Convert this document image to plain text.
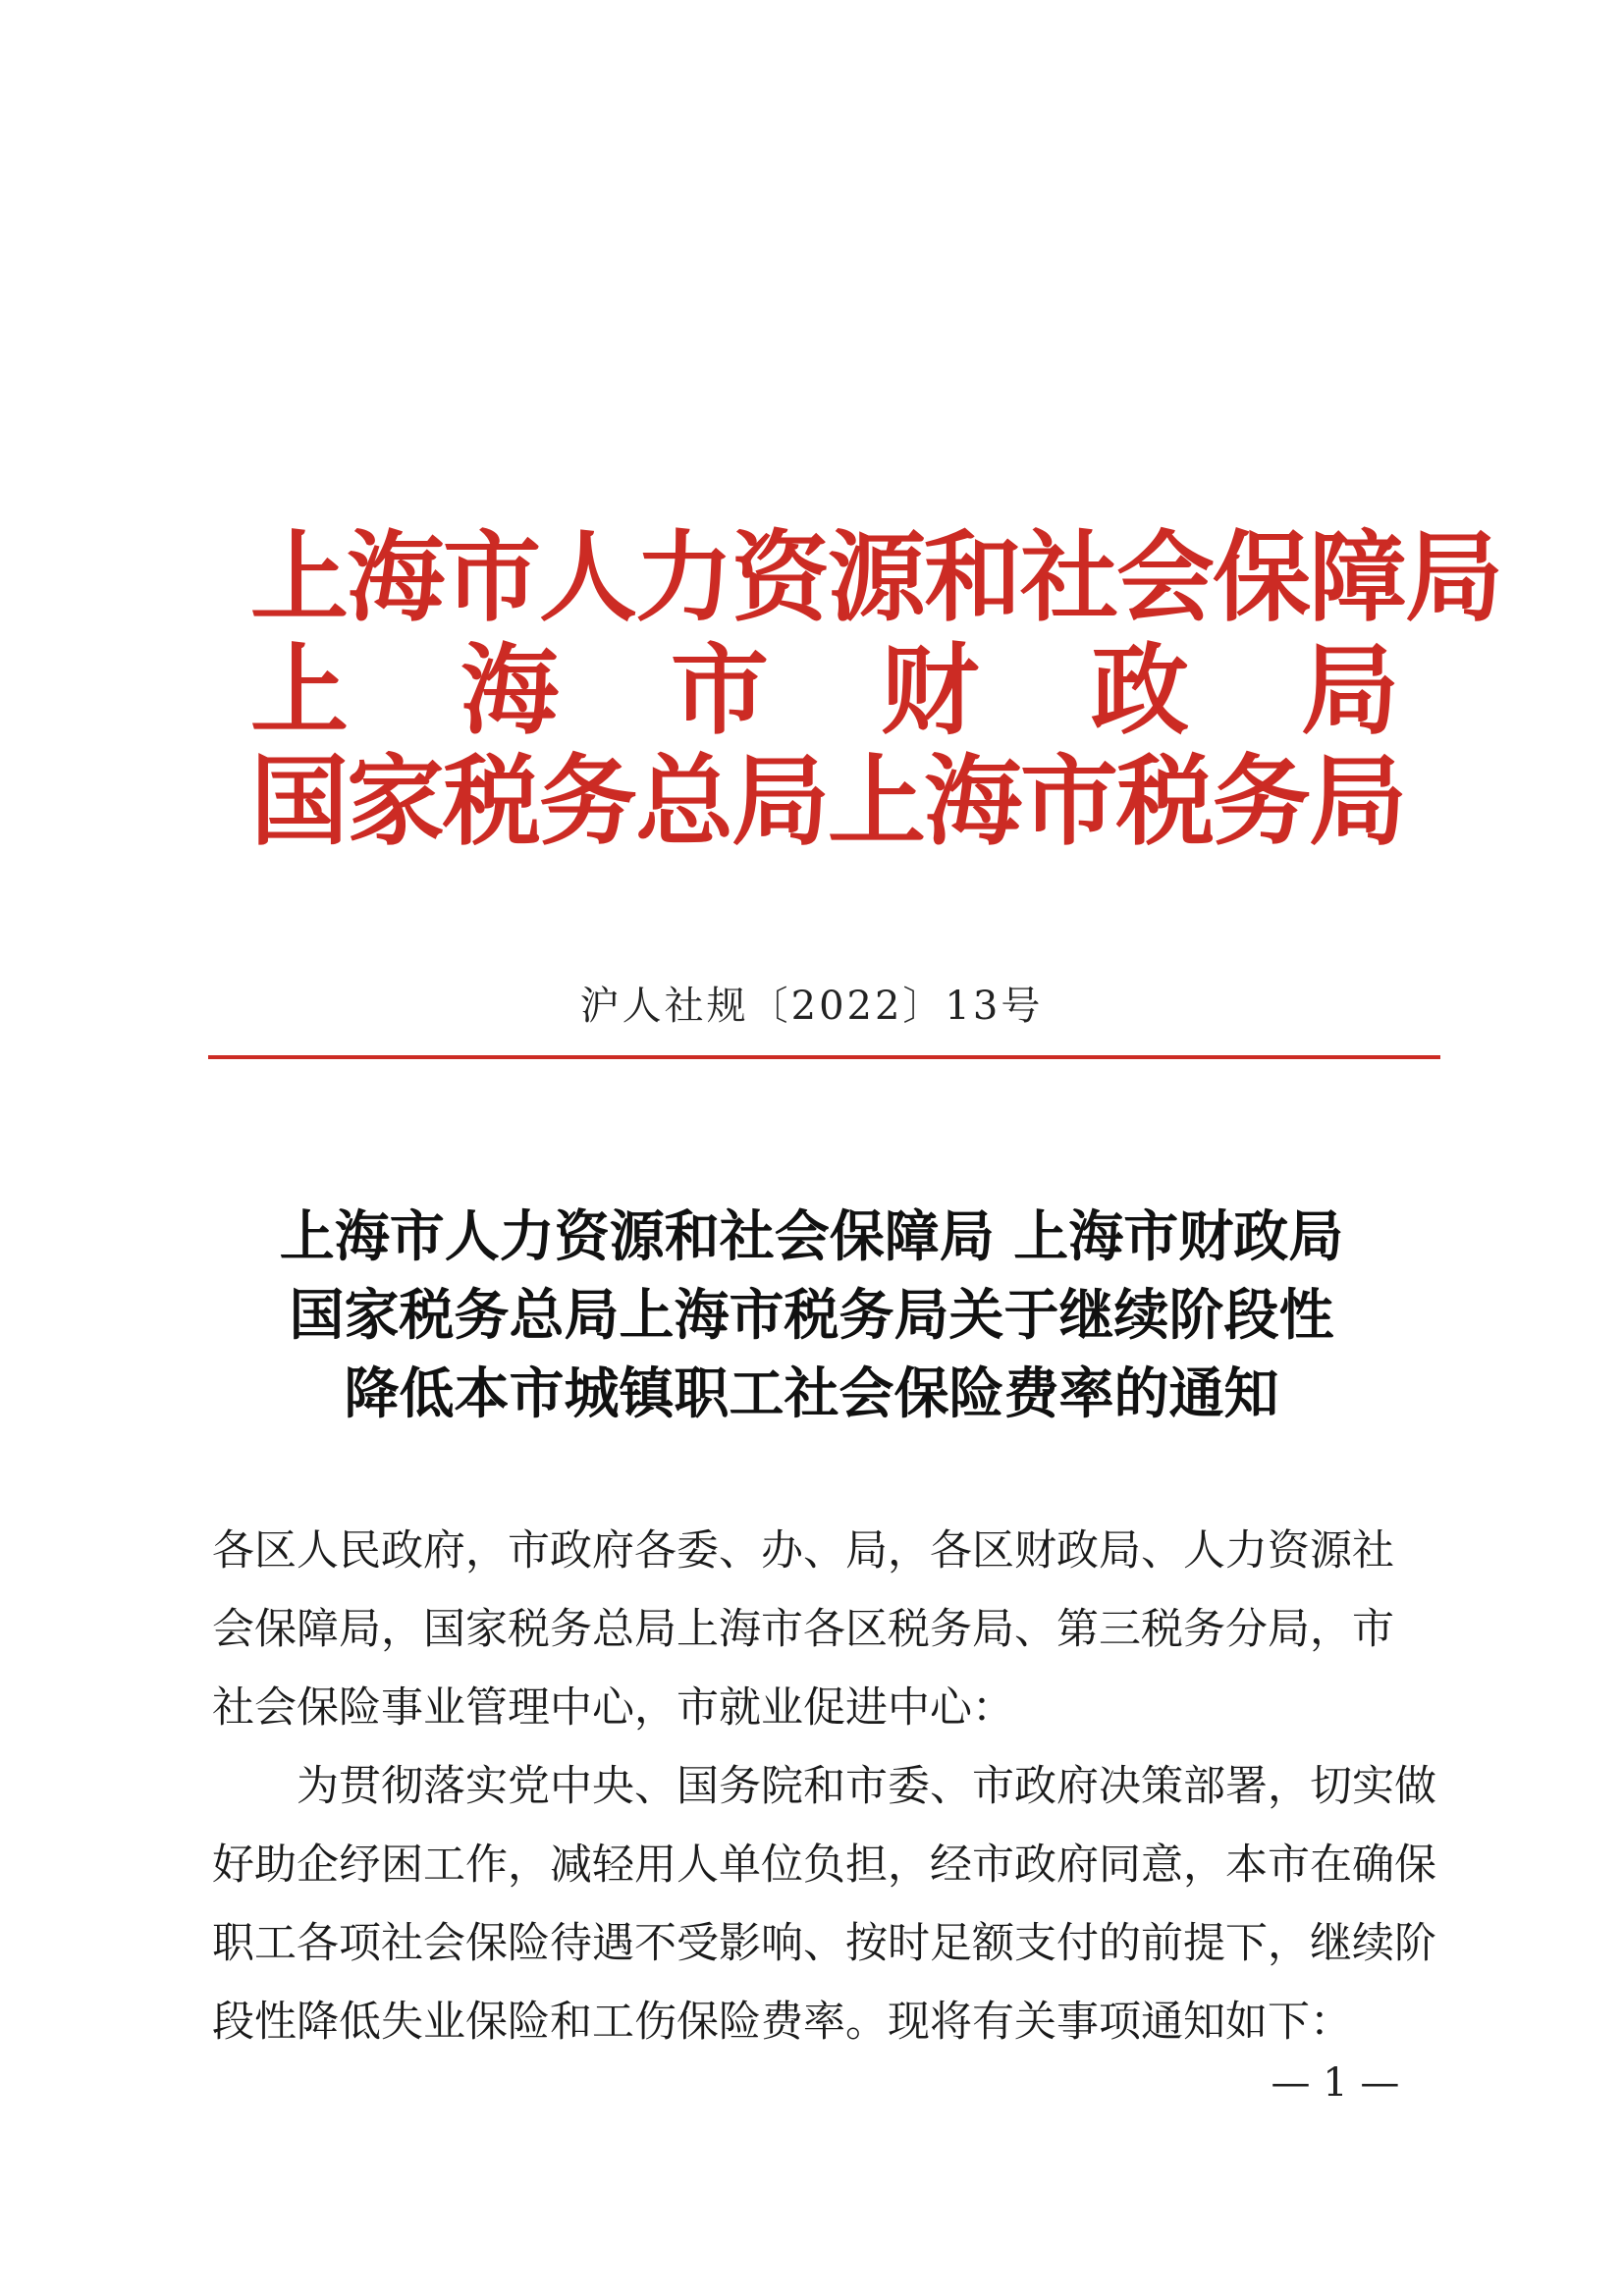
上海市人力资源和社会保障局
上 海 市 财 政 局
国家税务总局上海市税务局
沪人社规〔2022〕13号
上海市人力资源和社会保障局 上海市财政局
国家税务总局上海市税务局关于继续阶段性
降低本市城镇职工社会保险费率的通知
各区人民政府，市政府各委、办、局，各区财政局、人力资源社
会保障局，国家税务总局上海市各区税务局、第三税务分局，市
社会保险事业管理中心，市就业促进中心：
　　为贯彻落实党中央、国务院和市委、市政府决策部署，切实做
好助企纾困工作，减轻用人单位负担，经市政府同意，本市在确保
职工各项社会保险待遇不受影响、按时足额支付的前提下，继续阶
段性降低失业保险和工伤保险费率。现将有关事项通知如下：
— 1 —
